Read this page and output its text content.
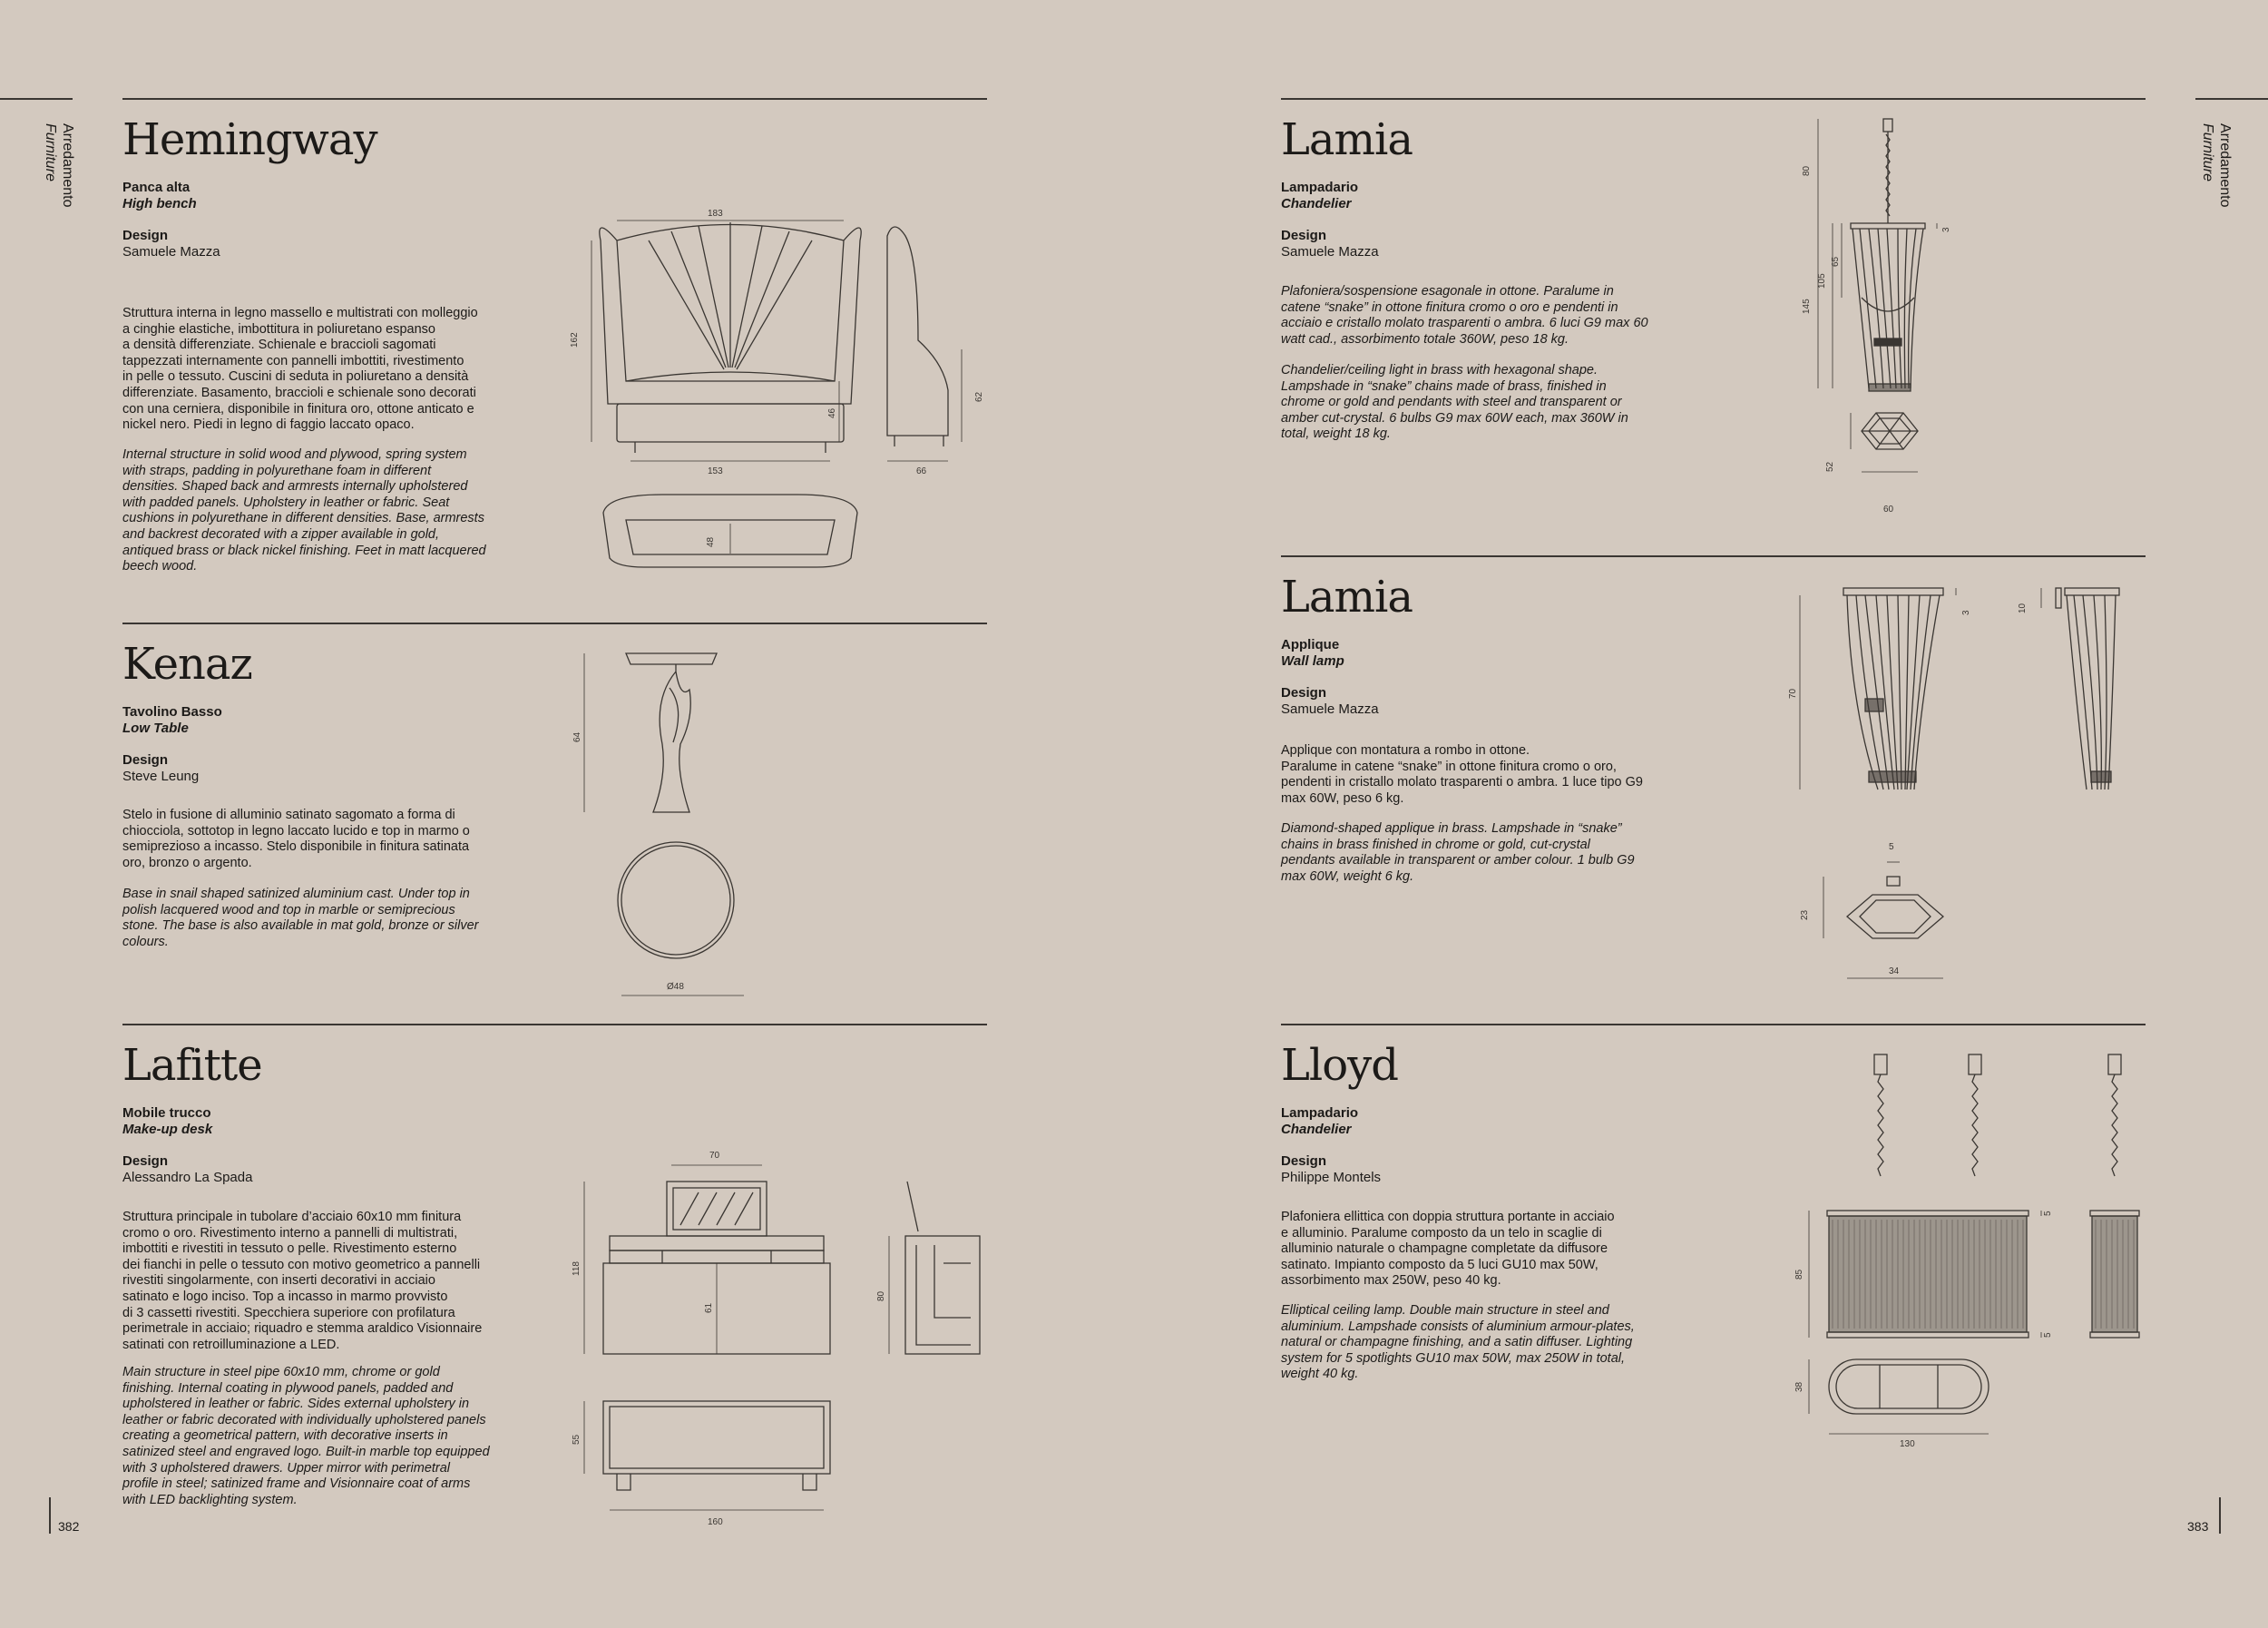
Arredamento
Furniture	Arredamento
Furniture
382	383
Hemingway
Panca alta
High bench
Design
Samuele Mazza
Struttura interna in legno massello e multistrati con molleggio
a cinghie elastiche, imbottitura in poliuretano espanso
a densità differenziate. Schienale e braccioli sagomati
tappezzati internamente con pannelli imbottiti, rivestimento
in pelle o tessuto. Cuscini di seduta in poliuretano a densità
differenziate. Basamento, braccioli e schienale sono decorati
con una cerniera, disponibile in finitura oro, ottone anticato e
nickel nero. Piedi in legno di faggio laccato opaco.
Internal structure in solid wood and plywood, spring system
with straps, padding in polyurethane foam in different
densities. Shaped back and armrests internally upholstered
with padded panels. Upholstery in leather or fabric. Seat
cushions in polyurethane in different densities. Base, armrests
and backrest decorated with a zipper available in gold,
antiqued brass or black nickel finishing. Feet in matt lacquered
beech wood.
183
162
153
46
66
62
48
Kenaz
Tavolino Basso
Low Table
Design
Steve Leung
Stelo in fusione di alluminio satinato sagomato a forma di
chiocciola, sottotop in legno laccato lucido e top in marmo o
semiprezioso a incasso. Stelo disponibile in finitura satinata
oro, bronzo o argento.
Base in snail shaped satinized aluminium cast. Under top in
polish lacquered wood and top in marble or semiprecious
stone. The base is also available in mat gold, bronze or silver
colours.
64
Ø48
Lafitte
Mobile trucco
Make-up desk
Design
Alessandro La Spada
Struttura principale in tubolare d’acciaio 60x10 mm finitura
cromo o oro. Rivestimento interno a pannelli di multistrati,
imbottiti e rivestiti in tessuto o pelle. Rivestimento esterno
dei fianchi in pelle o tessuto con motivo geometrico a pannelli
rivestiti singolarmente, con inserti decorativi in acciaio
satinato e logo inciso. Top a incasso in marmo provvisto
di 3 cassetti rivestiti. Specchiera superiore con profilatura
perimetrale in acciaio; riquadro e stemma araldico Visionnaire
satinati con retroilluminazione a LED.
Main structure in steel pipe 60x10 mm, chrome or gold
finishing. Internal coating in plywood panels, padded and
upholstered in leather or fabric. Sides external upholstery in
leather or fabric decorated with individually upholstered panels
creating a geometrical pattern, with decorative inserts in
satinized steel and engraved logo. Built-in marble top equipped
with 3 upholstered drawers. Upper mirror with perimetral
profile in steel; satinized frame and Visionnaire coat of arms
with LED backlighting system.
70
118
61
80
55
160
Lamia
Lampadario
Chandelier
Design
Samuele Mazza
Plafoniera/sospensione esagonale in ottone. Paralume in
catene “snake” in ottone finitura cromo o oro e pendenti in
acciaio e cristallo molato trasparenti o ambra. 6 luci G9 max 60
watt cad., assorbimento totale 360W, peso 18 kg.
Chandelier/ceiling light in brass with hexagonal shape.
Lampshade in “snake” chains made of brass, finished in
chrome or gold and pendants with steel and transparent or
amber cut-crystal. 6 bulbs G9 max 60W each, max 360W in
total, weight 18 kg.
80
145
105
65
3
52
60
Lamia
Applique
Wall lamp
Design
Samuele Mazza
Applique con montatura a rombo in ottone.
Paralume in catene “snake” in ottone finitura cromo o oro,
pendenti in cristallo molato trasparenti o ambra. 1 luce tipo G9
max 60W, peso 6 kg.
Diamond-shaped applique in brass. Lampshade in “snake”
chains in brass finished in chrome or gold, cut-crystal
pendants available in transparent or amber colour. 1 bulb G9
max 60W, weight 6 kg.
70
3	10
5
23
34
Lloyd
Lampadario
Chandelier
Design
Philippe Montels
Plafoniera ellittica con doppia struttura portante in acciaio
e alluminio. Paralume composto da un telo in scaglie di
alluminio naturale o champagne completate da diffusore
satinato. Impianto composto da 5 luci GU10 max 50W,
assorbimento max 250W, peso 40 kg.
Elliptical ceiling lamp. Double main structure in steel and
aluminium. Lampshade consists of aluminium armour-plates,
natural or champagne finishing, and a satin diffuser. Lighting
system for 5 spotlights GU10 max 50W, max 250W in total,
weight 40 kg.
85
5
5
38
130
